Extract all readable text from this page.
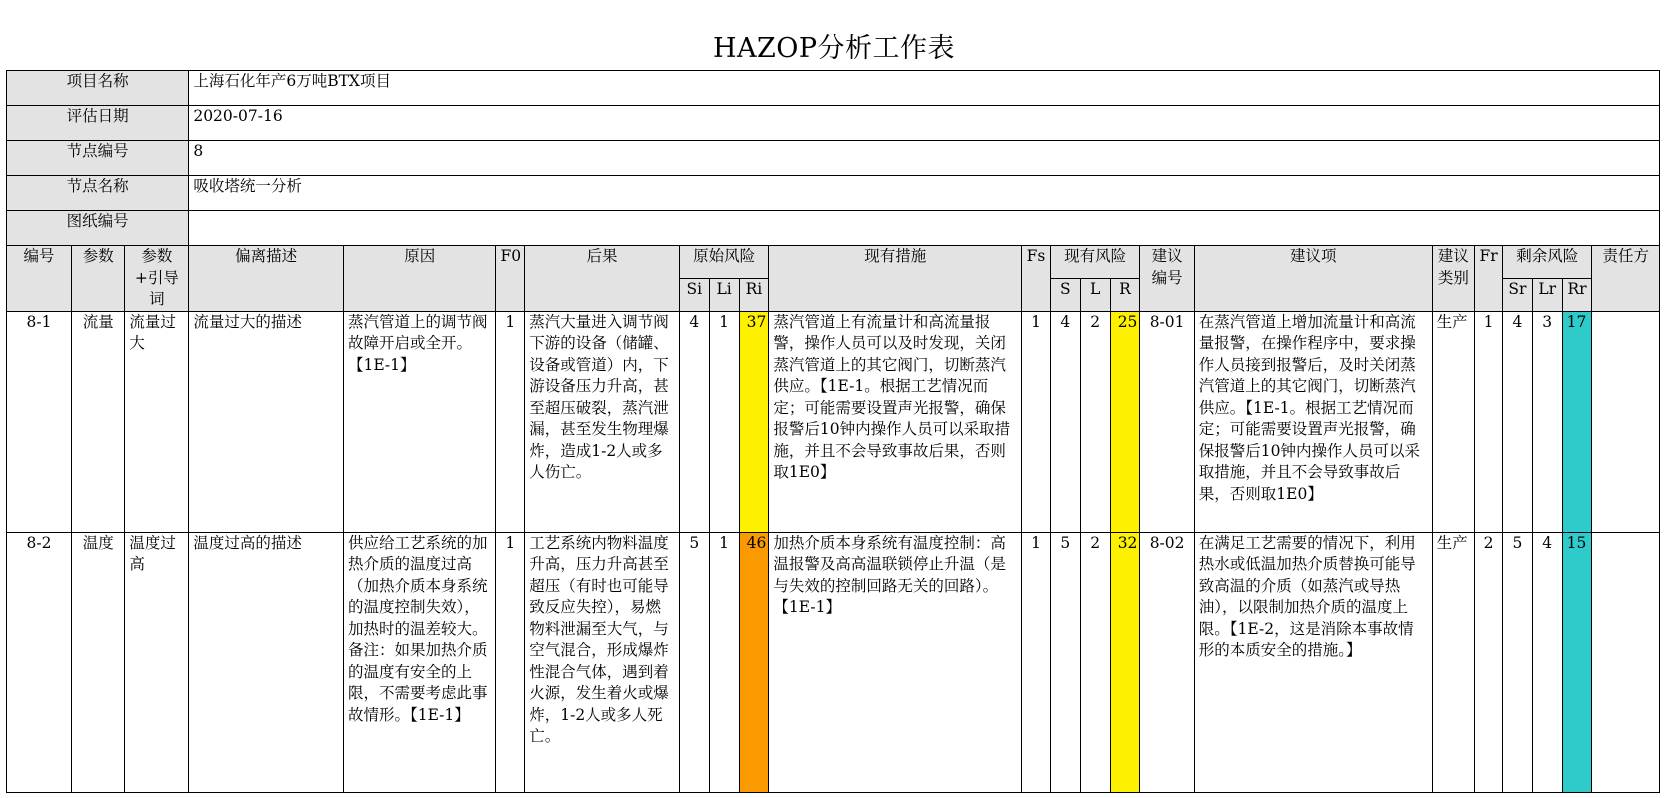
HAZOP分析工作表
项目名称			上海石化年产6万吨BTX项目																			
评估日期			2020-07-16																			
节点编号			8																			
节点名称			吸收塔统一分析																			
图纸编号																						
编号	参数	参数+引导词	偏离描述	原因	F0	后果	原始风险			现有措施	Fs	现有风险			建议编号	建议项	建议类别	Fr	剩余风险			责任方
							Si	Li	Ri			S	L	R					Sr	Lr	Rr	
8-1	流量	流量过大	流量过大的描述	蒸汽管道上的调节阀故障开启或全开。【1E-1】	1	蒸汽大量进入调节阀下游的设备（储罐、设备或管道）内，下游设备压力升高，甚至超压破裂，蒸汽泄漏，甚至发生物理爆炸，造成1-2人或多人伤亡。	4	1	37	蒸汽管道上有流量计和高流量报警，操作人员可以及时发现，关闭蒸汽管道上的其它阀门，切断蒸汽供应。【1E-1。根据工艺情况而定；可能需要设置声光报警，确保报警后10钟内操作人员可以采取措施，并且不会导致事故后果，否则取1E0】	1	4	2	25	8-01	在蒸汽管道上增加流量计和高流量报警，在操作程序中，要求操作人员接到报警后，及时关闭蒸汽管道上的其它阀门，切断蒸汽供应。【1E-1。根据工艺情况而定；可能需要设置声光报警，确保报警后10钟内操作人员可以采取措施，并且不会导致事故后果，否则取1E0】	生产	1	4	3	17	
8-2	温度	温度过高	温度过高的描述	供应给工艺系统的加热介质的温度过高（加热介质本身系统的温度控制失效），加热时的温差较大。备注：如果加热介质的温度有安全的上限，不需要考虑此事故情形。【1E-1】	1	工艺系统内物料温度升高，压力升高甚至超压（有时也可能导致反应失控），易燃物料泄漏至大气，与空气混合，形成爆炸性混合气体，遇到着火源，发生着火或爆炸，1-2人或多人死亡。	5	1	46	加热介质本身系统有温度控制：高温报警及高高温联锁停止升温（是与失效的控制回路无关的回路）。【1E-1】	1	5	2	32	8-02	在满足工艺需要的情况下，利用热水或低温加热介质替换可能导致高温的介质（如蒸汽或导热油），以限制加热介质的温度上限。【1E-2，这是消除本事故情形的本质安全的措施。】	生产	2	5	4	15	
